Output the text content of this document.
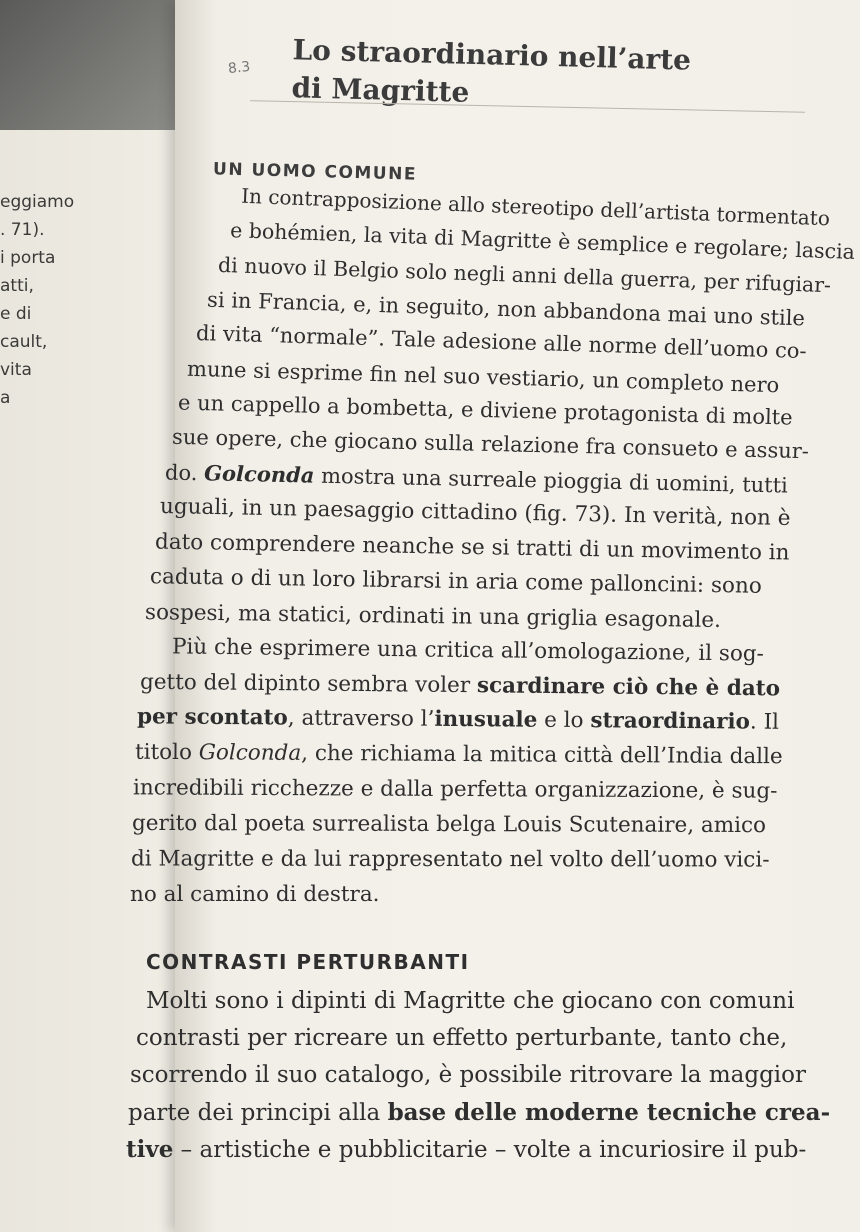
eggiamo
. 71).
i porta
atti,
e di
cault,
vita
a
8.3 Lo straordinario nell’arte
di Magritte
UN UOMO COMUNE
In contrapposizione allo stereotipo dell’artista tormentato
e bohémien, la vita di Magritte è semplice e regolare; lascia
di nuovo il Belgio solo negli anni della guerra, per rifugiar-
si in Francia, e, in seguito, non abbandona mai uno stile
di vita “normale”. Tale adesione alle norme dell’uomo co-
mune si esprime fin nel suo vestiario, un completo nero
e un cappello a bombetta, e diviene protagonista di molte
sue opere, che giocano sulla relazione fra consueto e assur-
do. Golconda mostra una surreale pioggia di uomini, tutti
uguali, in un paesaggio cittadino (fig. 73). In verità, non è
dato comprendere neanche se si tratti di un movimento in
caduta o di un loro librarsi in aria come palloncini: sono
sospesi, ma statici, ordinati in una griglia esagonale.
Più che esprimere una critica all’omologazione, il sog-
getto del dipinto sembra voler scardinare ciò che è dato
per scontato, attraverso l’inusuale e lo straordinario. Il
titolo Golconda, che richiama la mitica città dell’India dalle
incredibili ricchezze e dalla perfetta organizzazione, è sug-
gerito dal poeta surrealista belga Louis Scutenaire, amico
di Magritte e da lui rappresentato nel volto dell’uomo vici-
no al camino di destra.
CONTRASTI PERTURBANTI
Molti sono i dipinti di Magritte che giocano con comuni
contrasti per ricreare un effetto perturbante, tanto che,
scorrendo il suo catalogo, è possibile ritrovare la maggior
parte dei principi alla base delle moderne tecniche crea-
tive – artistiche e pubblicitarie – volte a incuriosire il pub-
